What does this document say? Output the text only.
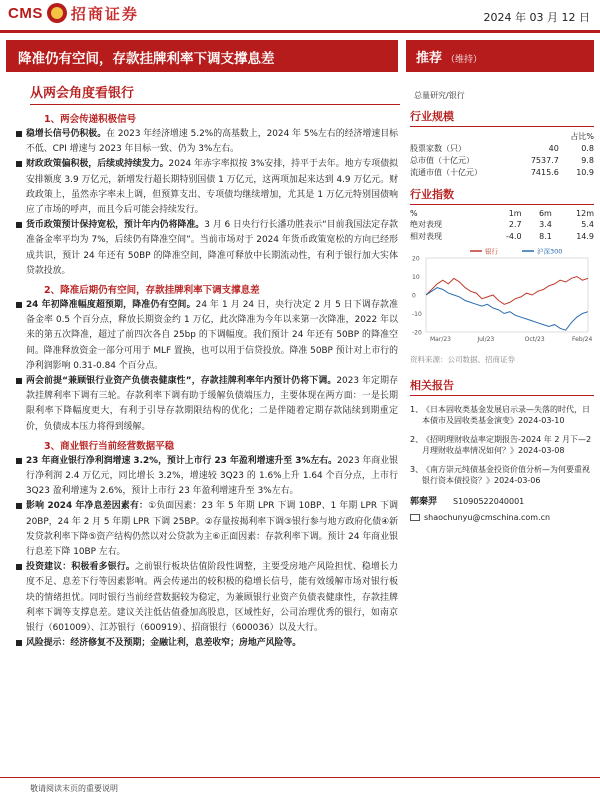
CMS 招商证券	2024 年 03 月 12 日
降准仍有空间，存款挂牌利率下调支撑息差	推荐 （维持）
从两会角度看银行	总量研究/银行
1、两会传递积极信号

稳增长信号仍积极。在 2023 年经济增速 5.2%的高基数上，2024 年 5%左右的经济增速目标不低、CPI 增速与 2023 年目标一致、仍为 3%左右。

财政政策偏积极，后续或持续发力。2024 年赤字率拟按 3%安排，持平于去年。地方专项债拟安排额度 3.9 万亿元，新增发行超长期特别国债 1 万亿元，这两项加起来达到 4.9 万亿元。财政政策上，虽然赤字率未上调，但预算支出、专项债均继续增加，尤其是 1 万亿元特别国债响应了市场的呼声，而且今后可能会持续发行。

货币政策预计保持宽松，预计年内仍将降准。3 月 6 日央行行长潘功胜表示“目前我国法定存款准备金率平均为 7%，后续仍有降准空间”。当前市场对于 2024 年货币政策宽松的方向已经形成共识，预计 24 年还有 50BP 的降准空间，降准可释放中长期流动性，有利于银行加大实体贷款投放。

2、降准后期仍有空间，存款挂牌利率下调支撑息差

24 年初降准幅度超预期，降准仍有空间。24 年 1 月 24 日，央行决定 2 月 5 日下调存款准备金率 0.5 个百分点，释放长期资金约 1 万亿，此次降准为今年以来第一次降准，2022 年以来的第五次降准，超过了前四次各自 25bp 的下调幅度。我们预计 24 年还有 50BP 的降准空间。降准释放资金一部分可用于 MLF 置换，也可以用于信贷投放。降准 50BP 预计对上市行的净利润影响 0.31-0.84 个百分点。

两会前提“兼顾银行业资产负债表健康性”，存款挂牌利率年内预计仍将下调。2023 年定期存款挂牌利率下调有三轮。存款利率下调有助于缓解负债端压力，主要体现在两方面：一是长期限利率下降幅度更大，有利于引导存款期限结构的优化；二是伴随着定期存款陆续到期重定价，负债成本压力将得到缓解。

3、商业银行当前经营数据平稳

23 年商业银行净利润增速 3.2%，预计上市行 23 年盈利增速升至 3%左右。2023 年商业银行净利润 2.4 万亿元，同比增长 3.2%，增速较 3Q23 的 1.6%上升 1.64 个百分点，上市行 3Q23 盈利增速为 2.6%，预计上市行 23 年盈利增速升至 3%左右。

影响 2024 年净息差因素有：①负面因素：23 年 5 年期 LPR 下调 10BP、1 年期 LPR 下调 20BP，24 年 2 月 5 年期 LPR 下调 25BP。②存量按揭利率下调③银行参与地方政府化债④新发贷款利率下降⑤资产结构仍然以对公贷款为主⑥正面因素：存款利率下调。预计 24 年商业银行息差下降 10BP 左右。

投资建议：积极看多银行。之前银行板块估值阶段性调整，主要受房地产风险担忧、稳增长力度不足、息差下行等因素影响。两会传递出的较积极的稳增长信号，能有效缓解市场对银行板块的情绪担忧。同时银行当前经营数据较为稳定，为兼顾银行业资产负债表健康性，存款挂牌利率下调等支撑息差。建议关注低估值叠加高股息，区域性好，公司治理优秀的银行，如南京银行（601009）、江苏银行（600919）、招商银行（600036）以及大行。

风险提示：经济修复不及预期；金融让利，息差收窄；房地产风险等。

行业规模
		占比%
股票家数（只）	40	0.8
总市值（十亿元）	7537.7	9.8
流通市值（十亿元）	7415.6	10.9
行业指数
%	1m	6m	12m
绝对表现	2.7	3.4	5.4
相对表现	-4.0	8.1	14.9
银行	沪深300
20
10
0
-10
-20
Mar/23	Jul/23	Oct/23	Feb/24
资料来源：公司数据、招商证券
相关报告
1、
《日本固收类基金发展启示录—失落的时代，日本债市及固收类基金演变》2024-03-10
2、
《招明理财收益率定期报告-2024 年 2 月下—2 月理财收益率情况如何？》2024-03-08
3、
《南方崇元纯债基金投资价值分析—为何要重视银行资本债投资？》2024-03-06
郭秦羿 S1090522040001
shaochunyu@cmschina.com.cn
敬请阅读末页的重要说明
